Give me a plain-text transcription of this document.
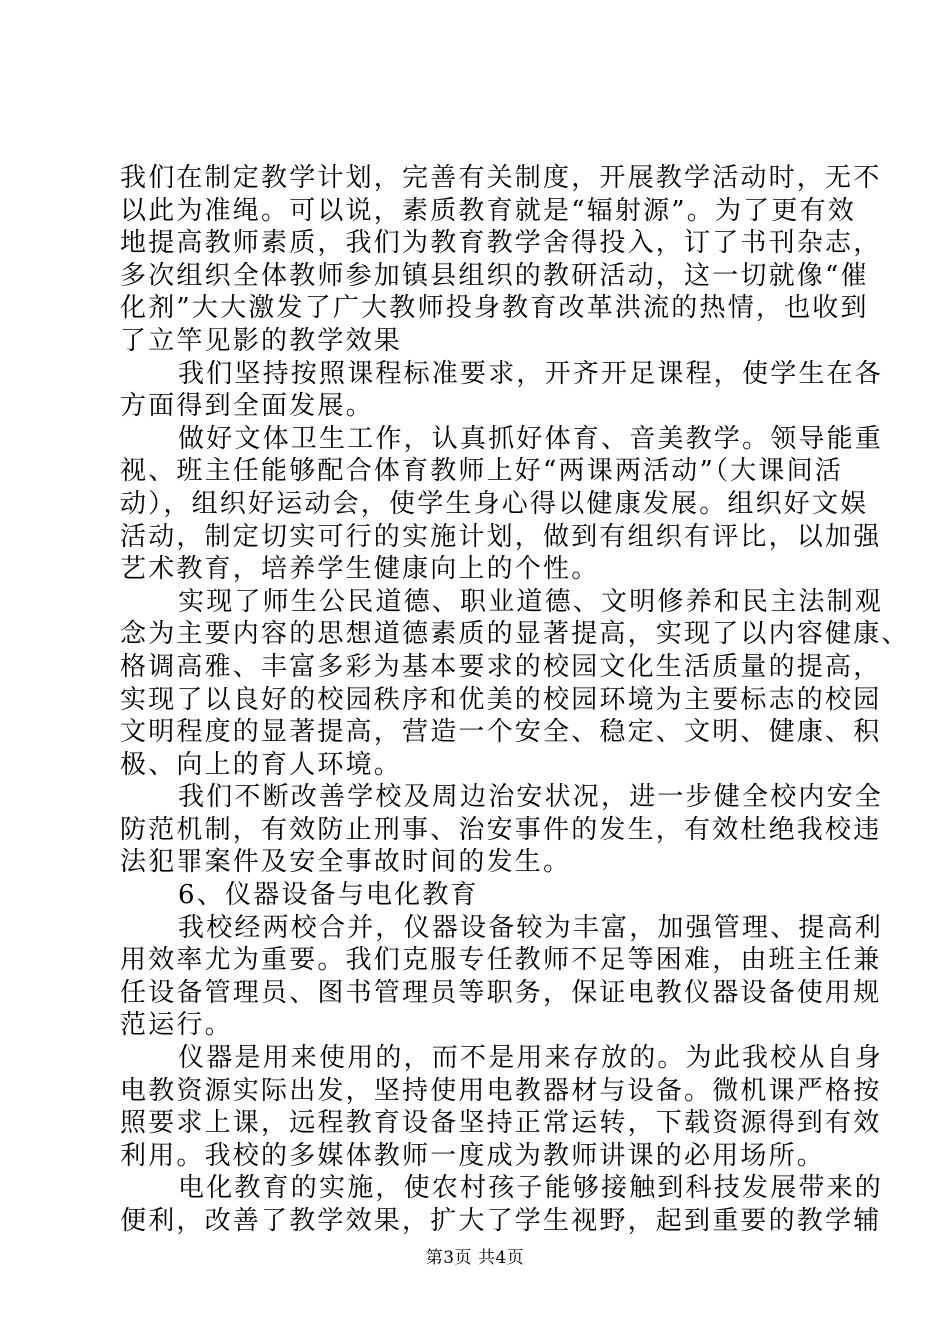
我们在制定教学计划，完善有关制度，开展教学活动时，无不
以此为准绳。可以说，素质教育就是“辐射源”。为了更有效
地提高教师素质，我们为教育教学舍得投入，订了书刊杂志，
多次组织全体教师参加镇县组织的教研活动，这一切就像“催
化剂”大大激发了广大教师投身教育改革洪流的热情，也收到
了立竿见影的教学效果
我们坚持按照课程标准要求，开齐开足课程，使学生在各
方面得到全面发展。
做好文体卫生工作，认真抓好体育、音美教学。领导能重
视、班主任能够配合体育教师上好“两课两活动”（大课间活
动），组织好运动会，使学生身心得以健康发展。组织好文娱
活动，制定切实可行的实施计划，做到有组织有评比，以加强
艺术教育，培养学生健康向上的个性。
实现了师生公民道德、职业道德、文明修养和民主法制观
念为主要内容的思想道德素质的显著提高，实现了以内容健康、
格调高雅、丰富多彩为基本要求的校园文化生活质量的提高，
实现了以良好的校园秩序和优美的校园环境为主要标志的校园
文明程度的显著提高，营造一个安全、稳定、文明、健康、积
极、向上的育人环境。
我们不断改善学校及周边治安状况，进一步健全校内安全
防范机制，有效防止刑事、治安事件的发生，有效杜绝我校违
法犯罪案件及安全事故时间的发生。
6、仪器设备与电化教育
我校经两校合并，仪器设备较为丰富，加强管理、提高利
用效率尤为重要。我们克服专任教师不足等困难，由班主任兼
任设备管理员、图书管理员等职务，保证电教仪器设备使用规
范运行。
仪器是用来使用的，而不是用来存放的。为此我校从自身
电教资源实际出发，坚持使用电教器材与设备。微机课严格按
照要求上课，远程教育设备坚持正常运转，下载资源得到有效
利用。我校的多媒体教师一度成为教师讲课的必用场所。
电化教育的实施，使农村孩子能够接触到科技发展带来的
便利，改善了教学效果，扩大了学生视野，起到重要的教学辅
第3页 共4页
